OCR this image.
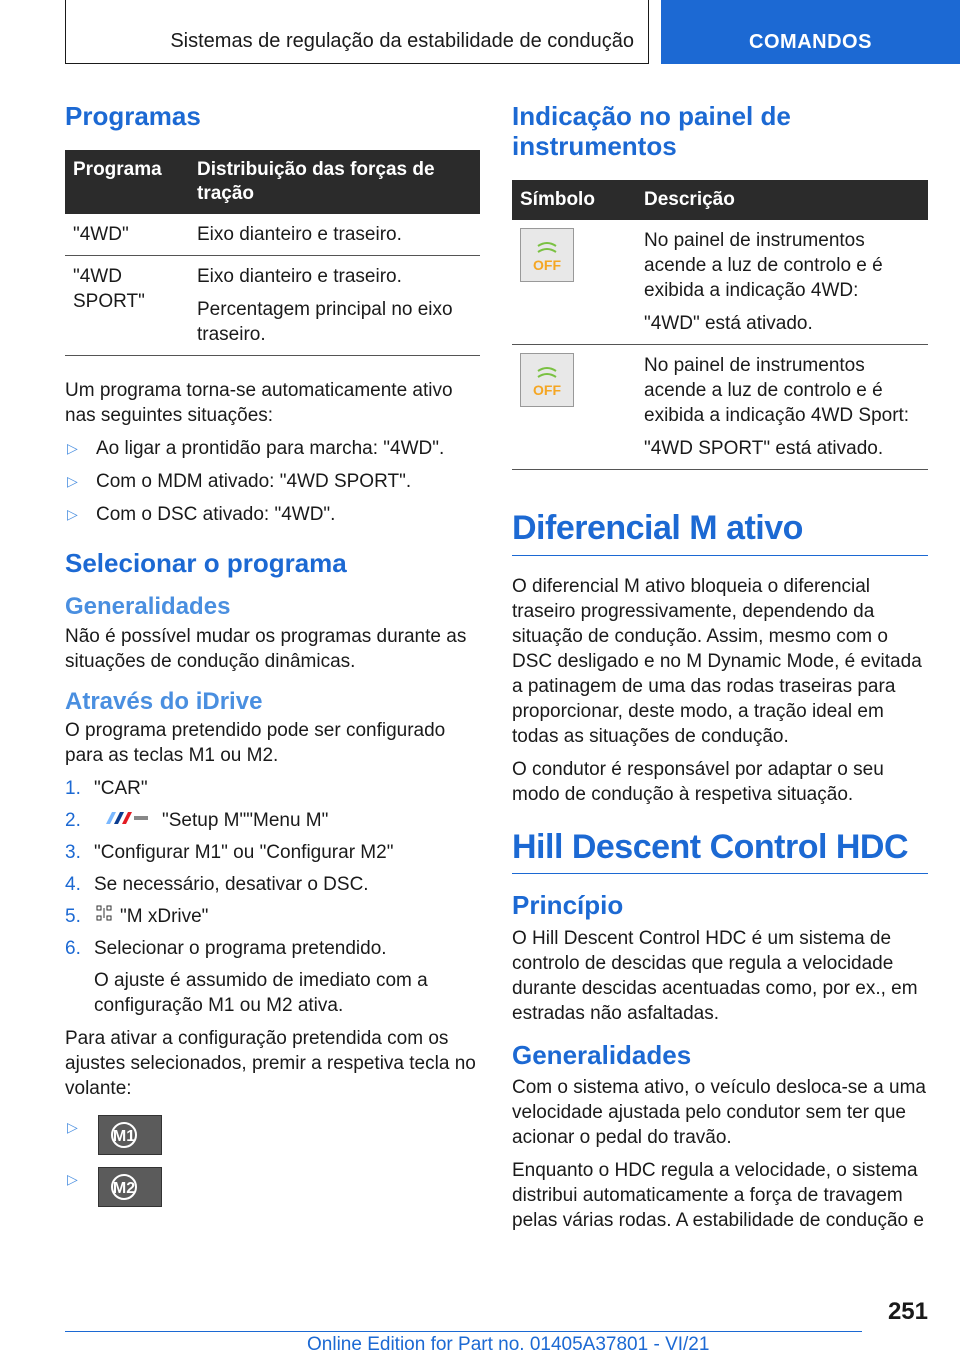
Sistemas de regulação da estabilidade de condução	COMANDOS
Programas
Programa	Distribuição das forças de tração
"4WD"	Eixo dianteiro e traseiro.

"4WD SPORT"	Eixo dianteiro e traseiro.

Percentagem principal no eixo traseiro.

Um programa torna-se automaticamente ativo nas seguintes situações:

▷ Ao ligar a prontidão para marcha: "4WD".
▷ Com o MDM ativado: "4WD SPORT".
▷ Com o DSC ativado: "4WD".
Selecionar o programa
Generalidades

Não é possível mudar os programas durante as situações de condução dinâmicas.

Através do iDrive

O programa pretendido pode ser configurado para as teclas M1 ou M2.

1. "CAR"
2.	"Setup M""Menu M"
3. "Configurar M1" ou "Configurar M2"
4. Se necessário, desativar o DSC.
5.	"M xDrive"
6. Selecionar o programa pretendido.

O ajuste é assumido de imediato com a configuração M1 ou M2 ativa.

Para ativar a configuração pretendida com os ajustes selecionados, premir a respetiva tecla no volante:

▷
M1
▷
M2
Indicação no painel de instrumentos
Símbolo	Descrição

OFF	No painel de instrumentos acende a luz de controlo e é exibida a indicação 4WD:

"4WD" está ativado.

OFF	No painel de instrumentos acende a luz de controlo e é exibida a indicação 4WD Sport:

"4WD SPORT" está ativado.

Diferencial M ativo

O diferencial M ativo bloqueia o diferencial traseiro progressivamente, dependendo da situação de condução. Assim, mesmo com o DSC desligado e no M Dynamic Mode, é evitada a patinagem de uma das rodas traseiras para proporcionar, deste modo, a tração ideal em todas as situações de condução.

O condutor é responsável por adaptar o seu modo de condução à respetiva situação.

Hill Descent Control HDC
Princípio

O Hill Descent Control HDC é um sistema de controlo de descidas que regula a velocidade durante descidas acentuadas como, por ex., em estradas não asfaltadas.

Generalidades

Com o sistema ativo, o veículo desloca-se a uma velocidade ajustada pelo condutor sem ter que acionar o pedal do travão.

Enquanto o HDC regula a velocidade, o sistema distribui automaticamente a força de travagem pelas várias rodas. A estabilidade de condução e

251
Online Edition for Part no. 01405A37801 - VI/21
